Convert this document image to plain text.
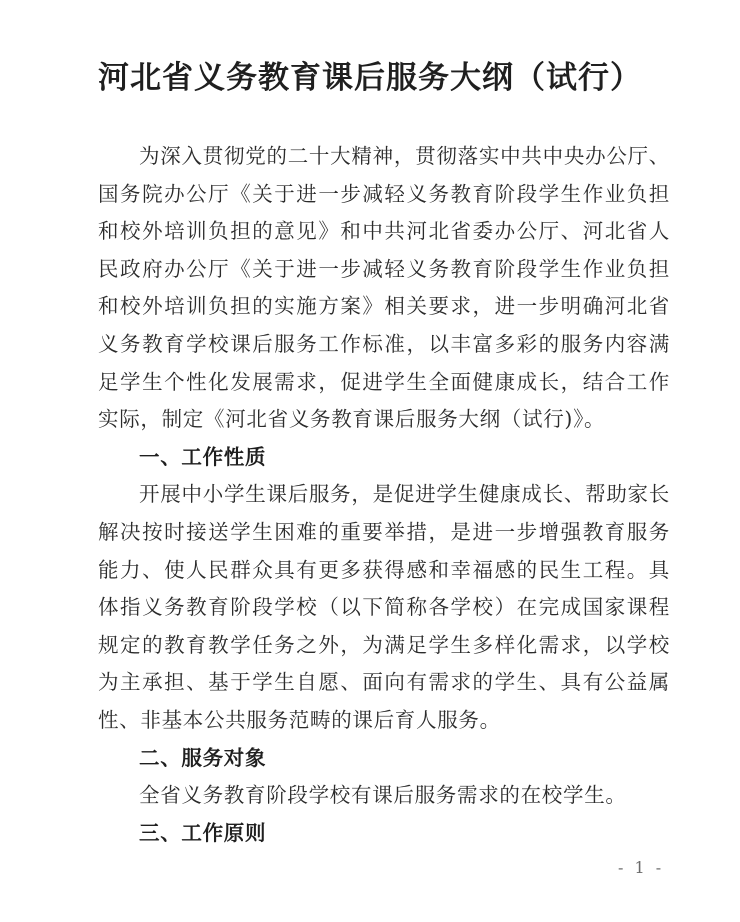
河北省义务教育课后服务大纲（试行）

为深入贯彻党的二十大精神，贯彻落实中共中央办公厅、国务院办公厅《关于进一步减轻义务教育阶段学生作业负担和校外培训负担的意见》和中共河北省委办公厅、河北省人民政府办公厅《关于进一步减轻义务教育阶段学生作业负担和校外培训负担的实施方案》相关要求，进一步明确河北省义务教育学校课后服务工作标准，以丰富多彩的服务内容满足学生个性化发展需求，促进学生全面健康成长，结合工作实际，制定《河北省义务教育课后服务大纲（试行)》。

一、工作性质

开展中小学生课后服务，是促进学生健康成长、帮助家长解决按时接送学生困难的重要举措，是进一步增强教育服务能力、使人民群众具有更多获得感和幸福感的民生工程。具体指义务教育阶段学校（以下简称各学校）在完成国家课程规定的教育教学任务之外，为满足学生多样化需求，以学校为主承担、基于学生自愿、面向有需求的学生、具有公益属性、非基本公共服务范畴的课后育人服务。

二、服务对象

全省义务教育阶段学校有课后服务需求的在校学生。

三、工作原则

- 1 -
